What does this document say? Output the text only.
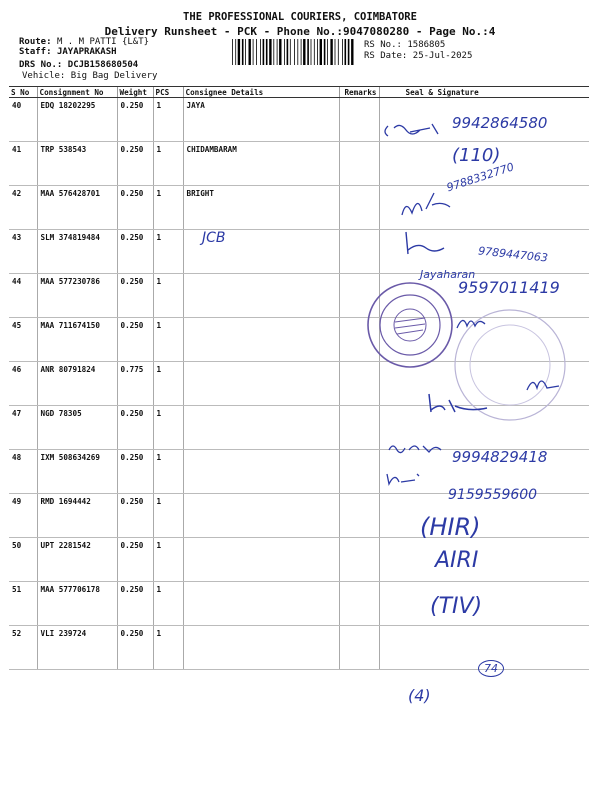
THE PROFESSIONAL COURIERS, COIMBATORE
Delivery Runsheet - PCK - Phone No.:9047080280 - Page No.:4
Route: M . M PATTI {L&T}
Staff: JAYAPRAKASH
DRS No.: DCJB158680504
Vehicle: Big Bag Delivery
RS No.: 1586805
RS Date: 25-Jul-2025
S No	Consignment No	Weight	PCS	Consignee Details	Remarks	Seal & Signature
40	EDQ 18202295	0.250	1	JAYA		
41	TRP 538543	0.250	1	CHIDAMBARAM		
42	MAA 576428701	0.250	1	BRIGHT		
43	SLM 374819484	0.250	1			
44	MAA 577230786	0.250	1			
45	MAA 711674150	0.250	1			
46	ANR 80791824	0.775	1			
47	NGD 78305	0.250	1			
48	IXM 508634269	0.250	1			
49	RMD 1694442	0.250	1			
50	UPT 2281542	0.250	1			
51	MAA 577706178	0.250	1			
52	VLI 239724	0.250	1			
9942864580
(110)
9788332770
JCB
9789447063
Jayaharan
9597011419
9994829418
9159559600
(HIR)
AIRI
(TIV)
74
(4)
